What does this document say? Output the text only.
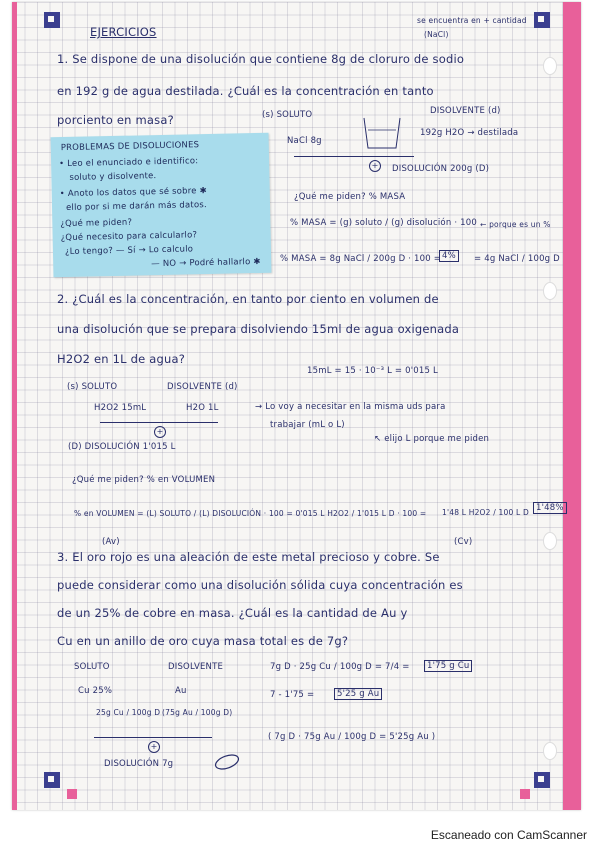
EJERCICIOS
se encuentra en + cantidad
(NaCl)
1. Se dispone de una disolución que contiene 8g de cloruro de sodio
en 192 g de agua destilada. ¿Cuál es la concentración en tanto
porciento en masa?	(s) SOLUTO	DISOLVENTE (d)
NaCl 8g
192g H2O → destilada
+	DISOLUCIÓN 200g (D)
¿Qué me piden? % MASA
% MASA = (g) soluto / (g) disolución · 100 ← porque es un %
% MASA = 8g NaCl / 200g D · 100 = 4%	= 4g NaCl / 100g D
PROBLEMAS DE DISOLUCIONES
• Leo el enunciado e identifico:
soluto y disolvente.
• Anoto los datos que sé sobre ✱
ello por si me darán más datos.
¿Qué me piden?
¿Qué necesito para calcularlo?
¿Lo tengo? — Sí → Lo calculo
— NO → Podré hallarlo ✱
2. ¿Cuál es la concentración, en tanto por ciento en volumen de
una disolución que se prepara disolviendo 15ml de agua oxigenada
H2O2 en 1L de agua?
15mL = 15 · 10⁻³ L = 0'015 L
(s) SOLUTO	DISOLVENTE (d)
H2O2 15mL	H2O 1L	→ Lo voy a necesitar en la misma uds para
trabajar (mL o L)
↖ elijo L porque me piden
+
(D) DISOLUCIÓN 1'015 L
¿Qué me piden? % en VOLUMEN
% en VOLUMEN = (L) SOLUTO / (L) DISOLUCIÓN · 100 = 0'015 L H2O2 / 1'015 L D · 100 = 1'48 L H2O2 / 100 L D 1'48%
(Av)	(Cv)
3. El oro rojo es una aleación de este metal precioso y cobre. Se
puede considerar como una disolución sólida cuya concentración es
de un 25% de cobre en masa. ¿Cuál es la cantidad de Au y
Cu en un anillo de oro cuya masa total es de 7g?
SOLUTO	DISOLVENTE
Cu 25%	Au
25g Cu / 100g D (75g Au / 100g D)
+
DISOLUCIÓN 7g
7g D · 25g Cu / 100g D = 7/4 =	1'75 g Cu
7 - 1'75 =	5'25 g Au
( 7g D · 75g Au / 100g D = 5'25g Au )
Escaneado con CamScanner
